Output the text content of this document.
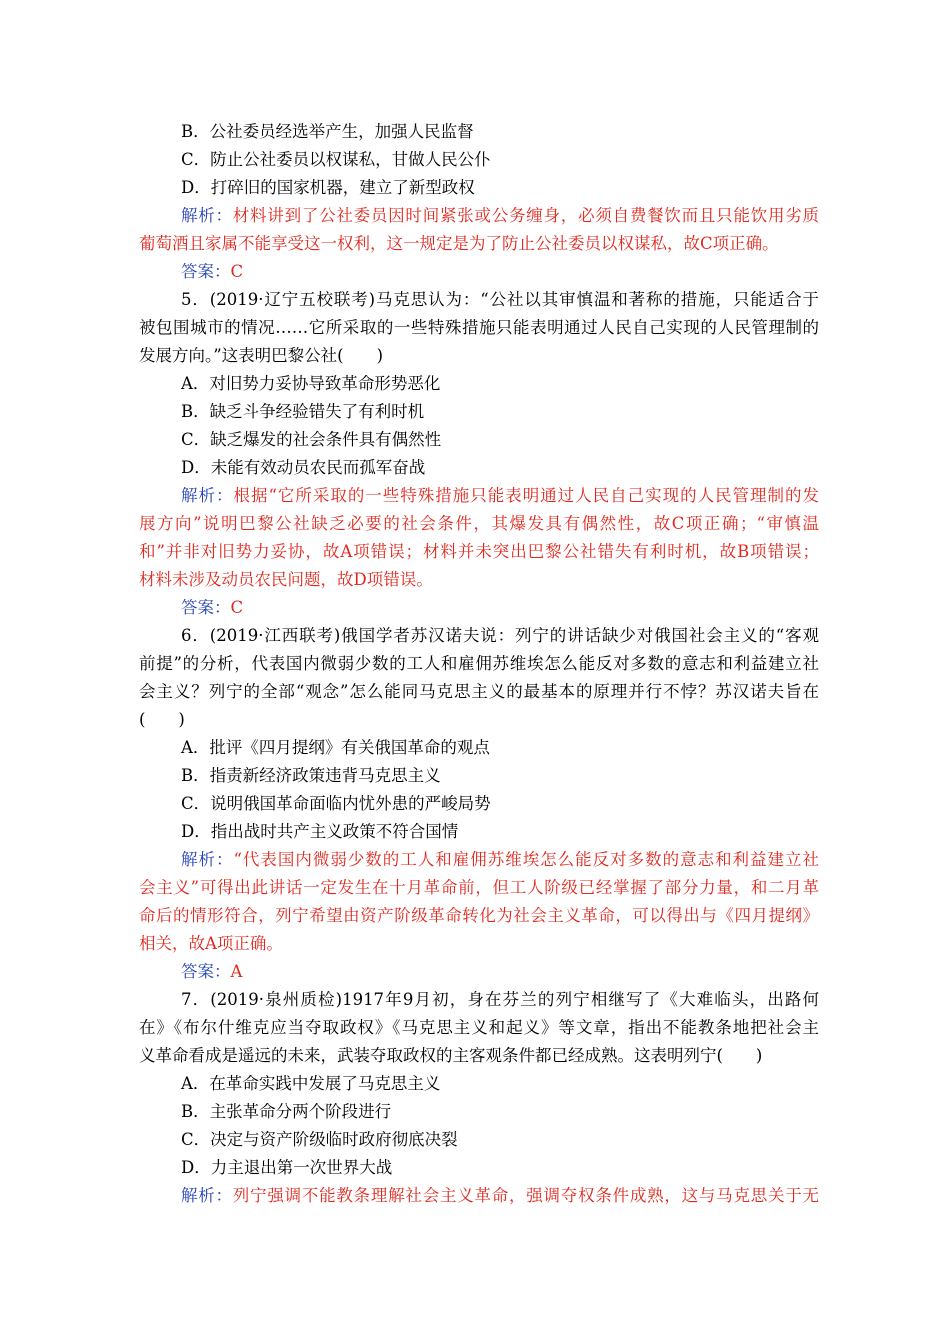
B．公社委员经选举产生，加强人民监督
C．防止公社委员以权谋私，甘做人民公仆
D．打碎旧的国家机器，建立了新型政权
解析：材料讲到了公社委员因时间紧张或公务缠身，必须自费餐饮而且只能饮用劣质
葡萄酒且家属不能享受这一权利，这一规定是为了防止公社委员以权谋私，故C项正确。
答案：C
5．(2019·辽宁五校联考)马克思认为：“公社以其审慎温和著称的措施，只能适合于
被包围城市的情况……它所采取的一些特殊措施只能表明通过人民自己实现的人民管理制的
发展方向。”这表明巴黎公社(　　)
A．对旧势力妥协导致革命形势恶化
B．缺乏斗争经验错失了有利时机
C．缺乏爆发的社会条件具有偶然性
D．未能有效动员农民而孤军奋战
解析：根据“它所采取的一些特殊措施只能表明通过人民自己实现的人民管理制的发
展方向”说明巴黎公社缺乏必要的社会条件，其爆发具有偶然性，故C项正确；“审慎温
和”并非对旧势力妥协，故A项错误；材料并未突出巴黎公社错失有利时机，故B项错误；
材料未涉及动员农民问题，故D项错误。
答案：C
6．(2019·江西联考)俄国学者苏汉诺夫说：列宁的讲话缺少对俄国社会主义的“客观
前提”的分析，代表国内微弱少数的工人和雇佣苏维埃怎么能反对多数的意志和利益建立社
会主义？列宁的全部“观念”怎么能同马克思主义的最基本的原理并行不悖？苏汉诺夫旨在
(　　)
A．批评《四月提纲》有关俄国革命的观点
B．指责新经济政策违背马克思主义
C．说明俄国革命面临内忧外患的严峻局势
D．指出战时共产主义政策不符合国情
解析：“代表国内微弱少数的工人和雇佣苏维埃怎么能反对多数的意志和利益建立社
会主义”可得出此讲话一定发生在十月革命前，但工人阶级已经掌握了部分力量，和二月革
命后的情形符合，列宁希望由资产阶级革命转化为社会主义革命，可以得出与《四月提纲》
相关，故A项正确。
答案：A
7．(2019·泉州质检)1917年9月初，身在芬兰的列宁相继写了《大难临头，出路何
在》《布尔什维克应当夺取政权》《马克思主义和起义》等文章，指出不能教条地把社会主
义革命看成是遥远的未来，武装夺取政权的主客观条件都已经成熟。这表明列宁(　　)
A．在革命实践中发展了马克思主义
B．主张革命分两个阶段进行
C．决定与资产阶级临时政府彻底决裂
D．力主退出第一次世界大战
解析：列宁强调不能教条理解社会主义革命，强调夺权条件成熟，这与马克思关于无
